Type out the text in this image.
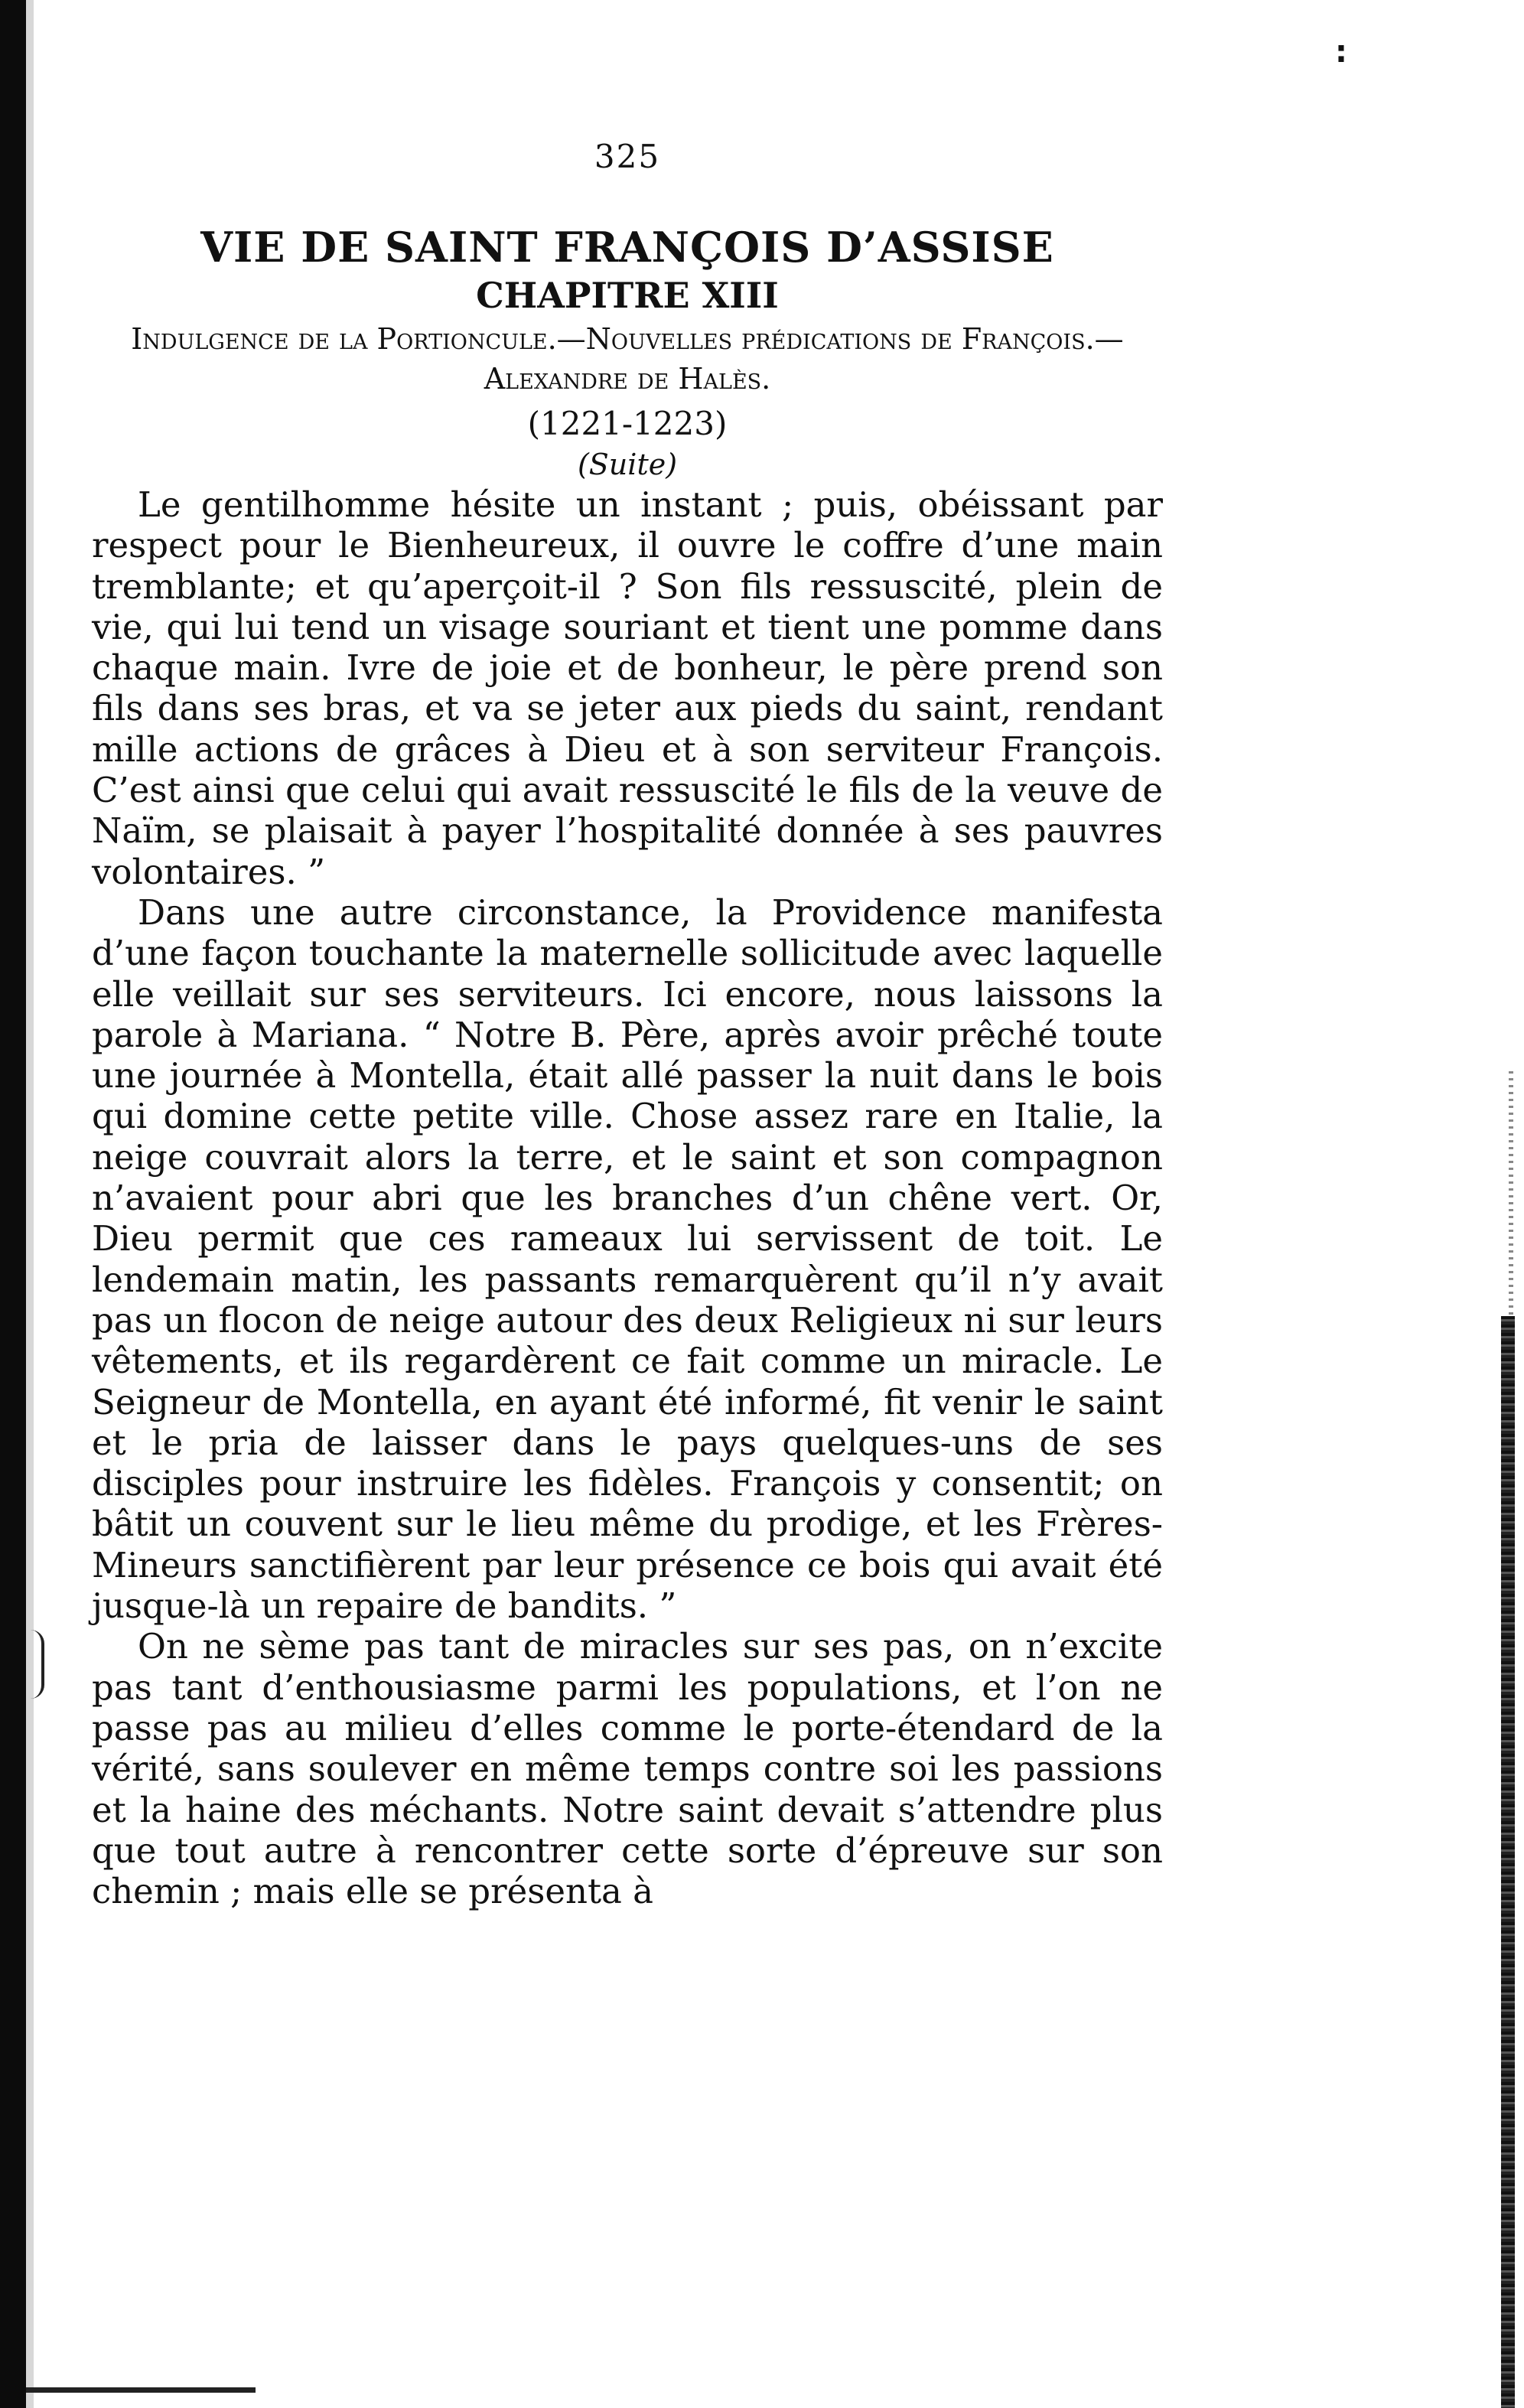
:
325
VIE DE SAINT FRANÇOIS D’ASSISE
CHAPITRE XIII
Indulgence de la Portioncule.—Nouvelles prédications de François.—Alexandre de Halès.
(1221-1223)
(Suite)

Le gentilhomme hésite un instant ; puis, obéissant par respect pour le Bienheureux, il ouvre le coffre d’une main tremblante; et qu’aperçoit-il ? Son fils ressuscité, plein de vie, qui lui tend un visage souriant et tient une pomme dans chaque main. Ivre de joie et de bonheur, le père prend son fils dans ses bras, et va se jeter aux pieds du saint, rendant mille actions de grâces à Dieu et à son serviteur François. C’est ainsi que celui qui avait ressuscité le fils de la veuve de Naïm, se plaisait à payer l’hospitalité donnée à ses pauvres volontaires. ”

Dans une autre circonstance, la Providence manifesta d’une façon touchante la maternelle sollicitude avec laquelle elle veillait sur ses serviteurs. Ici encore, nous laissons la parole à Mariana. “ Notre B. Père, après avoir prêché toute une journée à Montella, était allé passer la nuit dans le bois qui domine cette petite ville. Chose assez rare en Italie, la neige couvrait alors la terre, et le saint et son compagnon n’avaient pour abri que les branches d’un chêne vert. Or, Dieu permit que ces rameaux lui servissent de toit. Le lendemain matin, les passants remarquèrent qu’il n’y avait pas un flocon de neige autour des deux Religieux ni sur leurs vêtements, et ils regardèrent ce fait comme un miracle. Le Seigneur de Montella, en ayant été informé, fit venir le saint et le pria de laisser dans le pays quelques-uns de ses disciples pour instruire les fidèles. François y consentit; on bâtit un couvent sur le lieu même du prodige, et les Frères-Mineurs sanctifièrent par leur présence ce bois qui avait été jusque-là un repaire de bandits. ”

On ne sème pas tant de miracles sur ses pas, on n’excite pas tant d’enthousiasme parmi les populations, et l’on ne passe pas au milieu d’elles comme le porte-étendard de la vérité, sans soulever en même temps contre soi les passions et la haine des méchants. Notre saint devait s’attendre plus que tout autre à rencontrer cette sorte d’épreuve sur son chemin ; mais elle se présenta à
